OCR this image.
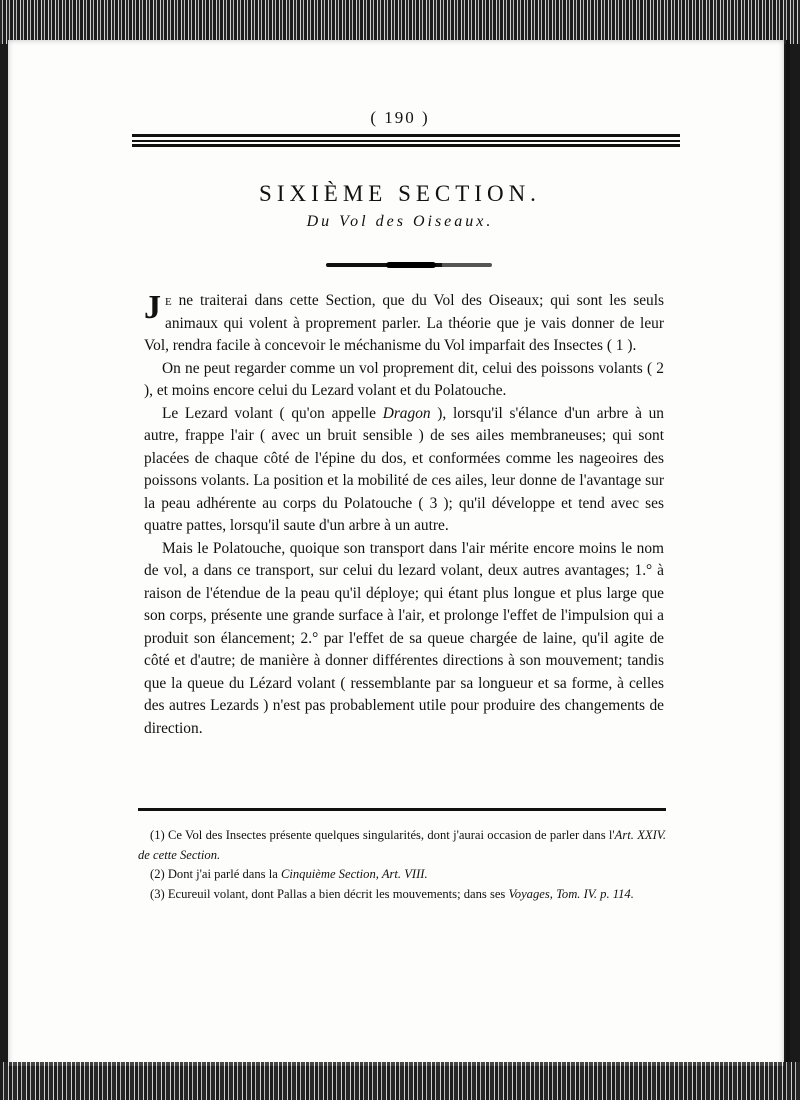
( 190 )
SIXIÈME SECTION.
Du Vol des Oiseaux.

Je ne traiterai dans cette Section, que du Vol des Oiseaux; qui sont les seuls animaux qui volent à proprement parler. La théorie que je vais donner de leur Vol, rendra facile à concevoir le méchanisme du Vol imparfait des Insectes ( 1 ).

On ne peut regarder comme un vol proprement dit, celui des poissons volants ( 2 ), et moins encore celui du Lezard volant et du Polatouche.

Le Lezard volant ( qu'on appelle Dragon ), lorsqu'il s'élance d'un arbre à un autre, frappe l'air ( avec un bruit sensible ) de ses ailes membraneuses; qui sont placées de chaque côté de l'épine du dos, et conformées comme les nageoires des poissons volants. La position et la mobilité de ces ailes, leur donne de l'avantage sur la peau adhérente au corps du Polatouche ( 3 ); qu'il développe et tend avec ses quatre pattes, lorsqu'il saute d'un arbre à un autre.

Mais le Polatouche, quoique son transport dans l'air mérite encore moins le nom de vol, a dans ce transport, sur celui du lezard volant, deux autres avantages; 1.° à raison de l'étendue de la peau qu'il déploye; qui étant plus longue et plus large que son corps, présente une grande surface à l'air, et prolonge l'effet de l'impulsion qui a produit son élancement; 2.° par l'effet de sa queue chargée de laine, qu'il agite de côté et d'autre; de manière à donner différentes directions à son mouvement; tandis que la queue du Lézard volant ( ressemblante par sa longueur et sa forme, à celles des autres Lezards ) n'est pas probablement utile pour produire des changements de direction.

(1) Ce Vol des Insectes présente quelques singularités, dont j'aurai occasion de parler dans l'Art. XXIV. de cette Section.

(2) Dont j'ai parlé dans la Cinquième Section, Art. VIII.

(3) Ecureuil volant, dont Pallas a bien décrit les mouvements; dans ses Voyages, Tom. IV. p. 114.
